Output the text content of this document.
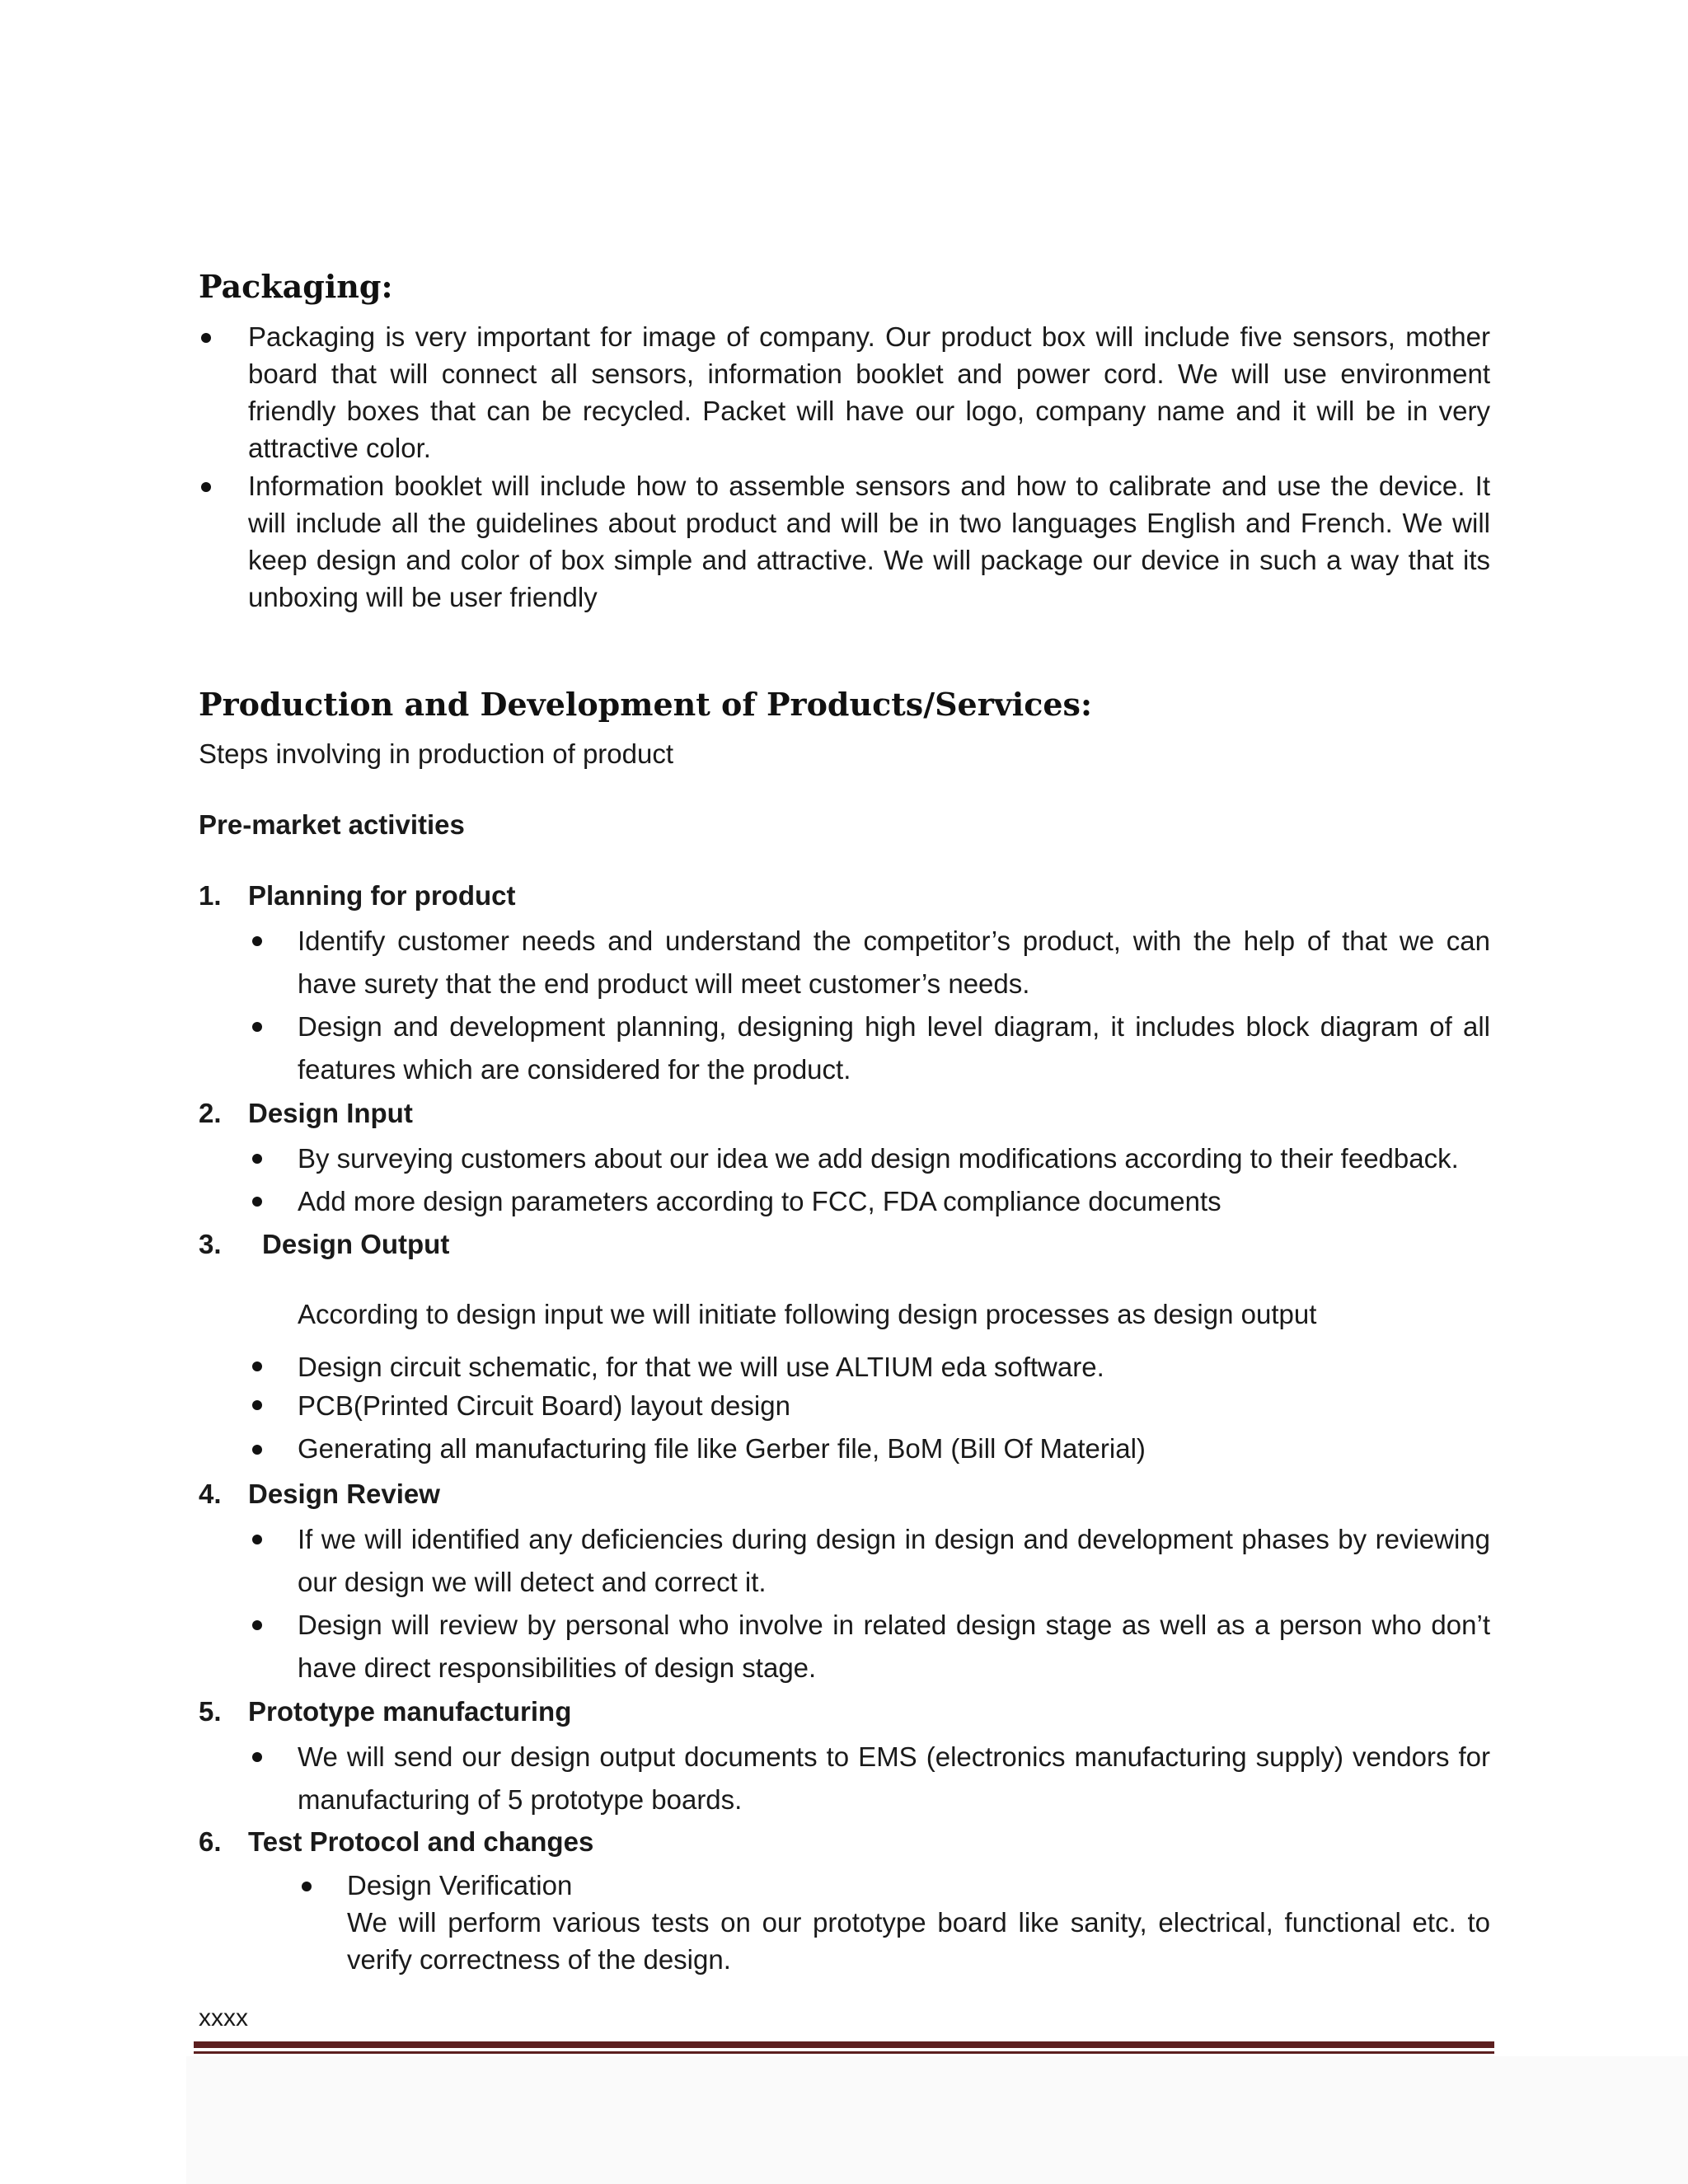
Packaging:
Packaging is very important for image of company. Our product box will include five sensors, mother board that will connect all sensors, information booklet and power cord. We will use environment friendly boxes that can be recycled. Packet will have our logo, company name and it will be in very attractive color.
Information booklet will include how to assemble sensors and how to calibrate and use the device. It will include all the guidelines about product and will be in two languages English and French. We will keep design and color of box simple and attractive. We will package our device in such a way that its unboxing will be user friendly
Production and Development of Products/Services:
Steps involving in production of product
Pre-market activities
1. Planning for product
Identify customer needs and understand the competitor’s product, with the help of that we can have surety that the end product will meet customer’s needs.
Design and development planning, designing high level diagram, it includes block diagram of all features which are considered for the product.
2. Design Input
By surveying customers about our idea we add design modifications according to their feedback.
Add more design parameters according to FCC, FDA compliance documents
3. Design Output
According to design input we will initiate following design processes as design output
Design circuit schematic, for that we will use ALTIUM eda software.
PCB(Printed Circuit Board) layout design
Generating all manufacturing file like Gerber file, BoM (Bill Of Material)
4. Design Review
If we will identified any deficiencies during design in design and development phases by reviewing our design we will detect and correct it.
Design will review by personal who involve in related design stage as well as a person who don’t have direct responsibilities of design stage.
5. Prototype manufacturing
We will send our design output documents to EMS (electronics manufacturing supply) vendors for manufacturing of 5 prototype boards.
6. Test Protocol and changes
Design Verification
We will perform various tests on our prototype board like sanity, electrical, functional etc. to verify correctness of the design.
xxxx
